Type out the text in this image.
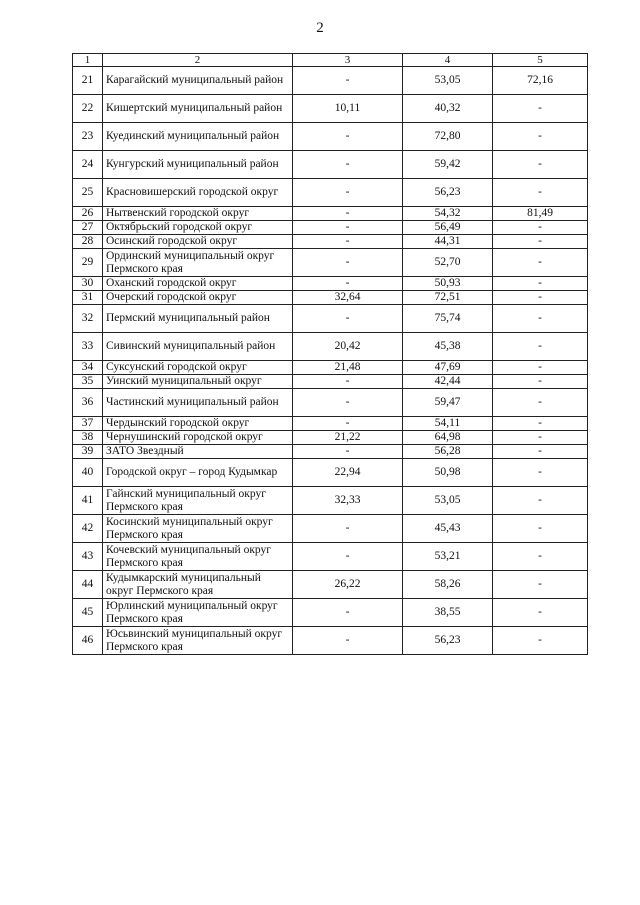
2
1	2	3	4	5
21	Карагайский муниципальный район	-	53,05	72,16
22	Кишертский муниципальный район	10,11	40,32	-
23	Куединский муниципальный район	-	72,80	-
24	Кунгурский муниципальный район	-	59,42	-
25	Красновишерский городской округ	-	56,23	-
26	Нытвенский городской округ	-	54,32	81,49
27	Октябрьский городской округ	-	56,49	-
28	Осинский городской округ	-	44,31	-
29	Ординский муниципальный округ Пермского края	-	52,70	-
30	Оханский городской округ	-	50,93	-
31	Очерский городской округ	32,64	72,51	-
32	Пермский муниципальный район	-	75,74	-
33	Сивинский муниципальный район	20,42	45,38	-
34	Суксунский городской округ	21,48	47,69	-
35	Уинский муниципальный округ	-	42,44	-
36	Частинский муниципальный район	-	59,47	-
37	Чердынский городской округ	-	54,11	-
38	Чернушинский городской округ	21,22	64,98	-
39	ЗАТО Звездный	-	56,28	-
40	Городской округ – город Кудымкар	22,94	50,98	-
41	Гайнский муниципальный округ Пермского края	32,33	53,05	-
42	Косинский муниципальный округ Пермского края	-	45,43	-
43	Кочевский муниципальный округ Пермского края	-	53,21	-
44	Кудымкарский муниципальный округ Пермского края	26,22	58,26	-
45	Юрлинский муниципальный округ Пермского края	-	38,55	-
46	Юсьвинский муниципальный округ Пермского края	-	56,23	-
